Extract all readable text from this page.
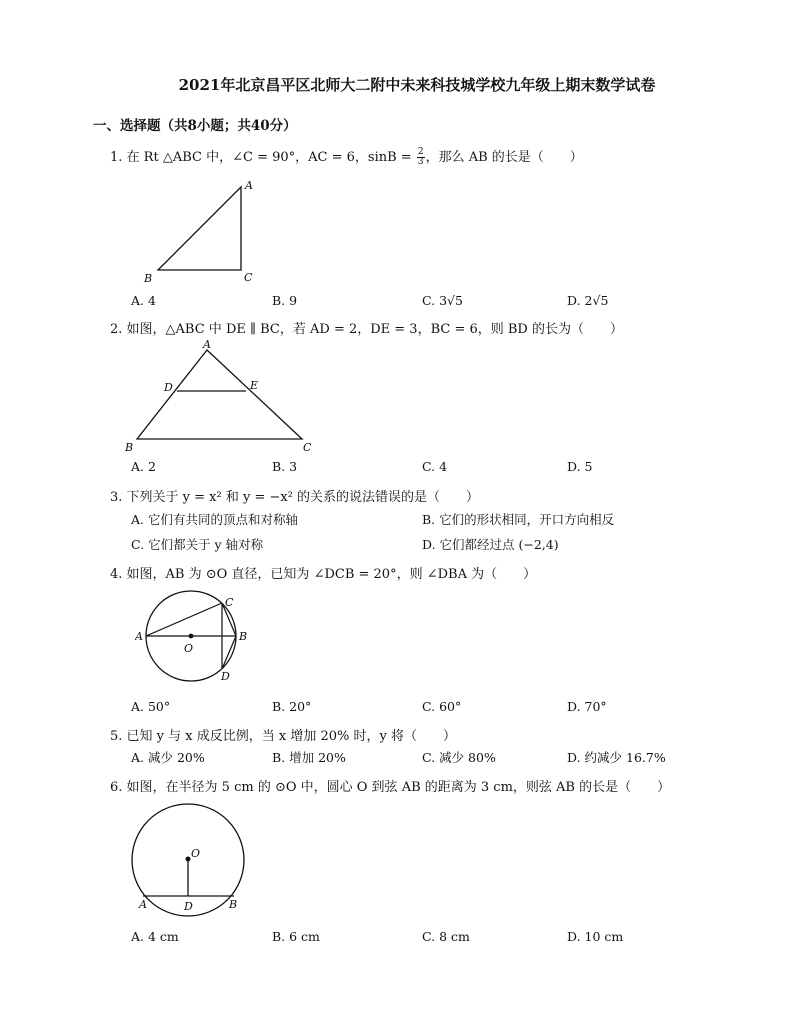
2021年北京昌平区北师大二附中未来科技城学校九年级上期末数学试卷
一、选择题（共8小题；共40分）
1. 在 Rt △ABC 中，∠C = 90°，AC = 6，$\sin B = \frac{2}{3}$ ，那么 AB 的长是（　　）
A
B	C
A. 4	B. 9	C. 3√5	D. 2√5
2. 如图，△ABC 中 DE ∥ BC，若 AD = 2，DE = 3，BC = 6，则 BD 的长为（　　）
A
B	C
D	E
A. 2	B. 3	C. 4	D. 5
3. 下列关于 y = x² 和 y = −x² 的关系的说法错误的是（　　）
A. 它们有共同的顶点和对称轴	B. 它们的形状相同，开口方向相反
C. 它们都关于 y 轴对称	D. 它们都经过点 (−2,4)
4. 如图，AB 为 ⊙O 直径，已知为 ∠DCB = 20°，则 ∠DBA 为（　　）
A	B
C
D
O
A. 50°	B. 20°	C. 60°	D. 70°
5. 已知 y 与 x 成反比例，当 x 增加 20% 时，y 将（　　）
A. 减少 20%	B. 增加 20%	C. 减少 80%	D. 约减少 16.7%
6. 如图，在半径为 5 cm 的 ⊙O 中，圆心 O 到弦 AB 的距离为 3 cm，则弦 AB 的长是（　　）
O
A	D	B
A. 4 cm	B. 6 cm	C. 8 cm	D. 10 cm
